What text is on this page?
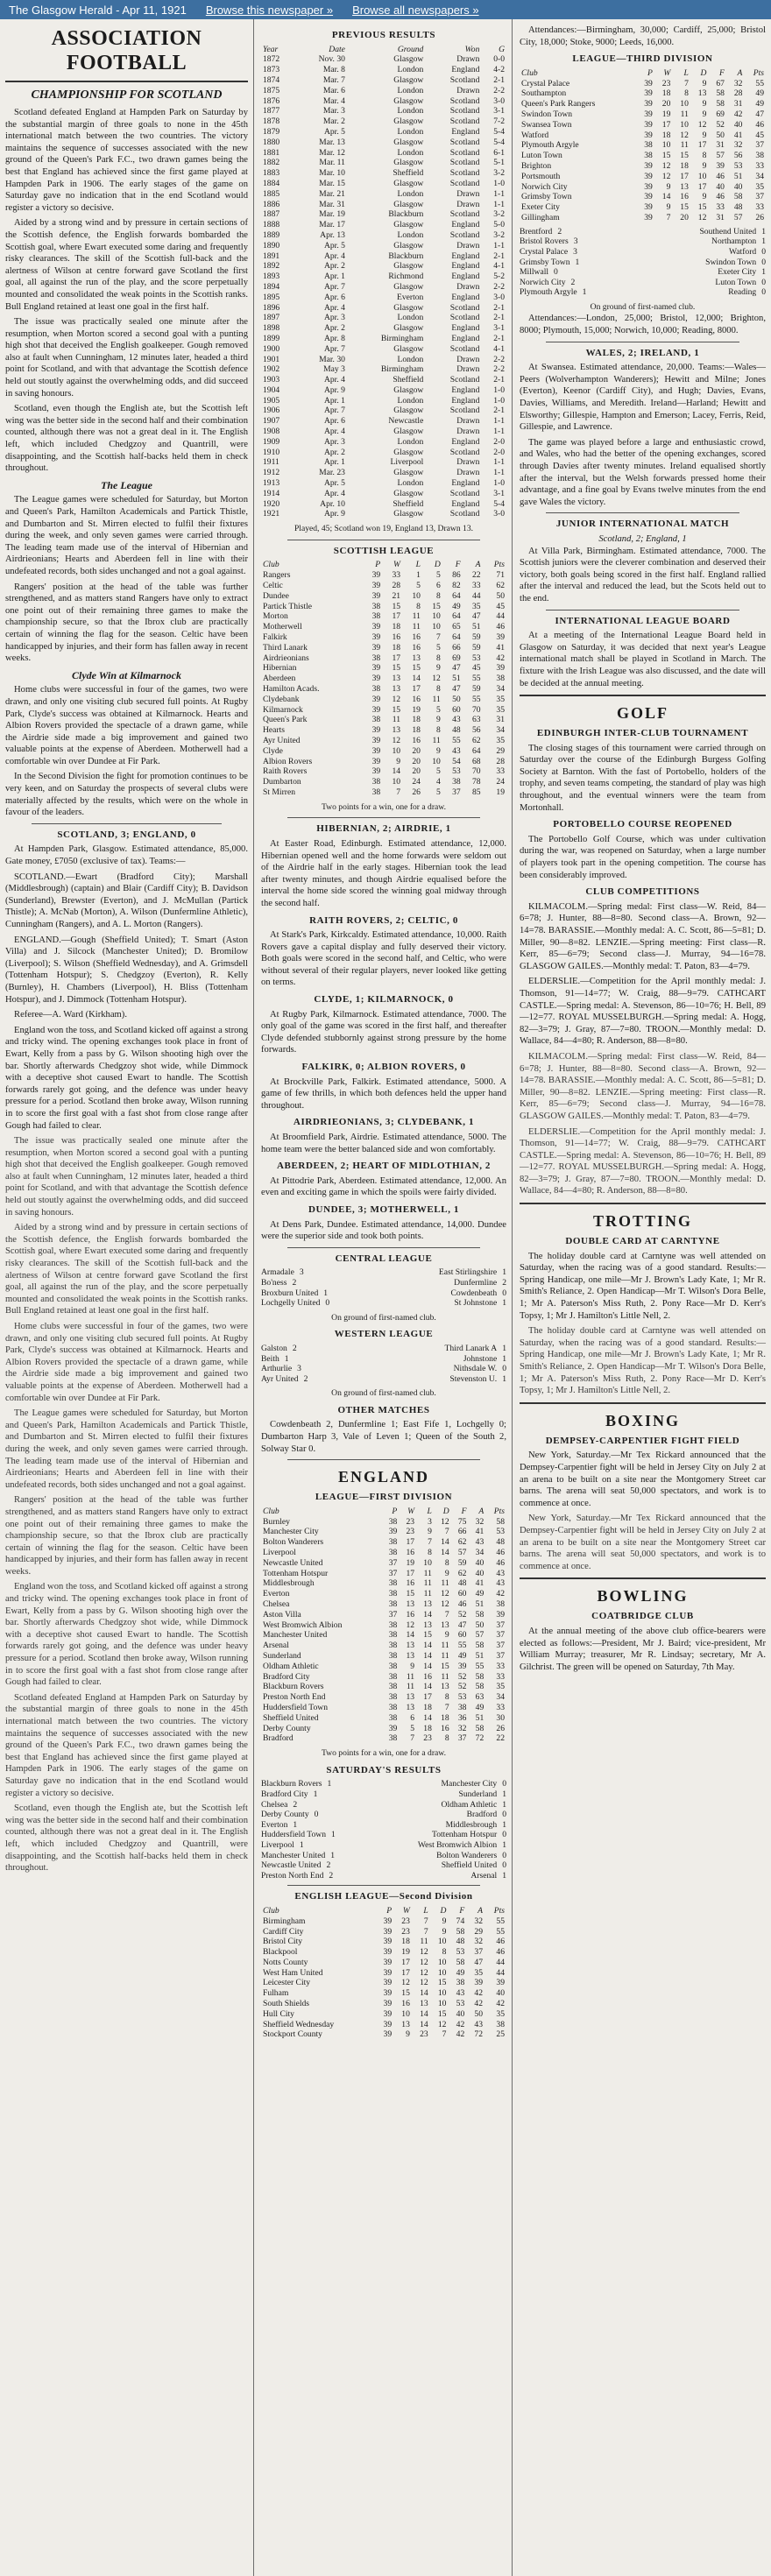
The Glasgow Herald - Apr 11, 1921 Browse this newspaper » Browse all newspapers »
ASSOCIATION FOOTBALL
CHAMPIONSHIP FOR SCOTLAND

Scotland defeated England at Hampden Park on Saturday by the substantial margin of three goals to none in the 45th international match between the two countries. The victory maintains the sequence of successes associated with the new ground of the Queen's Park F.C., two drawn games being the best that England has achieved since the first game played at Hampden Park in 1906. The early stages of the game on Saturday gave no indication that in the end Scotland would register a victory so decisive.

Aided by a strong wind and by pressure in certain sections of the Scottish defence, the English forwards bombarded the Scottish goal, where Ewart executed some daring and frequently risky clearances. The skill of the Scottish full-back and the alertness of Wilson at centre forward gave Scotland the first goal, all against the run of the play, and the score perpetually mounted and consolidated the weak points in the Scottish ranks. Bull England retained at least one goal in the first half.

The issue was practically sealed one minute after the resumption, when Morton scored a second goal with a punting high shot that deceived the English goalkeeper. Gough removed also at fault when Cunningham, 12 minutes later, headed a third point for Scotland, and with that advantage the Scottish defence held out stoutly against the overwhelming odds, and did succeed in saving honours.

Scotland, even though the English ate, but the Scottish left wing was the better side in the second half and their combination counted, although there was not a great deal in it. The English left, which included Chedgzoy and Quantrill, were disappointing, and the Scottish half-backs held them in check throughout.

The League

The League games were scheduled for Saturday, but Morton and Queen's Park, Hamilton Academicals and Partick Thistle, and Dumbarton and St. Mirren elected to fulfil their fixtures during the week, and only seven games were carried through. The leading team made use of the interval of Hibernian and Airdrieonians; Hearts and Aberdeen fell in line with their undefeated records, both sides unchanged and not a goal against.

Rangers' position at the head of the table was further strengthened, and as matters stand Rangers have only to extract one point out of their remaining three games to make the championship secure, so that the Ibrox club are practically certain of winning the flag for the season. Celtic have been handicapped by injuries, and their form has fallen away in recent weeks.

Clyde Win at Kilmarnock

Home clubs were successful in four of the games, two were drawn, and only one visiting club secured full points. At Rugby Park, Clyde's success was obtained at Kilmarnock. Hearts and Albion Rovers provided the spectacle of a drawn game, while the Airdrie side made a big improvement and gained two valuable points at the expense of Aberdeen. Motherwell had a comfortable win over Dundee at Fir Park.

In the Second Division the fight for promotion continues to be very keen, and on Saturday the prospects of several clubs were materially affected by the results, which were on the whole in favour of the leaders.

SCOTLAND, 3; ENGLAND, 0

At Hampden Park, Glasgow. Estimated attendance, 85,000. Gate money, £7050 (exclusive of tax). Teams:—

SCOTLAND.—Ewart (Bradford City); Marshall (Middlesbrough) (captain) and Blair (Cardiff City); B. Davidson (Sunderland), Brewster (Everton), and J. McMullan (Partick Thistle); A. McNab (Morton), A. Wilson (Dunfermline Athletic), Cunningham (Rangers), and A. L. Morton (Rangers).

ENGLAND.—Gough (Sheffield United); T. Smart (Aston Villa) and J. Silcock (Manchester United); D. Bromilow (Liverpool); S. Wilson (Sheffield Wednesday), and A. Grimsdell (Tottenham Hotspur); S. Chedgzoy (Everton), R. Kelly (Burnley), H. Chambers (Liverpool), H. Bliss (Tottenham Hotspur), and J. Dimmock (Tottenham Hotspur).

Referee—A. Ward (Kirkham).

England won the toss, and Scotland kicked off against a strong and tricky wind. The opening exchanges took place in front of Ewart, Kelly from a pass by G. Wilson shooting high over the bar. Shortly afterwards Chedgzoy shot wide, while Dimmock with a deceptive shot caused Ewart to handle. The Scottish forwards rarely got going, and the defence was under heavy pressure for a period. Scotland then broke away, Wilson running in to score the first goal with a fast shot from close range after Gough had failed to clear.

The issue was practically sealed one minute after the resumption, when Morton scored a second goal with a punting high shot that deceived the English goalkeeper. Gough removed also at fault when Cunningham, 12 minutes later, headed a third point for Scotland, and with that advantage the Scottish defence held out stoutly against the overwhelming odds, and did succeed in saving honours.

Aided by a strong wind and by pressure in certain sections of the Scottish defence, the English forwards bombarded the Scottish goal, where Ewart executed some daring and frequently risky clearances. The skill of the Scottish full-back and the alertness of Wilson at centre forward gave Scotland the first goal, all against the run of the play, and the score perpetually mounted and consolidated the weak points in the Scottish ranks. Bull England retained at least one goal in the first half.

Home clubs were successful in four of the games, two were drawn, and only one visiting club secured full points. At Rugby Park, Clyde's success was obtained at Kilmarnock. Hearts and Albion Rovers provided the spectacle of a drawn game, while the Airdrie side made a big improvement and gained two valuable points at the expense of Aberdeen. Motherwell had a comfortable win over Dundee at Fir Park.

The League games were scheduled for Saturday, but Morton and Queen's Park, Hamilton Academicals and Partick Thistle, and Dumbarton and St. Mirren elected to fulfil their fixtures during the week, and only seven games were carried through. The leading team made use of the interval of Hibernian and Airdrieonians; Hearts and Aberdeen fell in line with their undefeated records, both sides unchanged and not a goal against.

Rangers' position at the head of the table was further strengthened, and as matters stand Rangers have only to extract one point out of their remaining three games to make the championship secure, so that the Ibrox club are practically certain of winning the flag for the season. Celtic have been handicapped by injuries, and their form has fallen away in recent weeks.

England won the toss, and Scotland kicked off against a strong and tricky wind. The opening exchanges took place in front of Ewart, Kelly from a pass by G. Wilson shooting high over the bar. Shortly afterwards Chedgzoy shot wide, while Dimmock with a deceptive shot caused Ewart to handle. The Scottish forwards rarely got going, and the defence was under heavy pressure for a period. Scotland then broke away, Wilson running in to score the first goal with a fast shot from close range after Gough had failed to clear.

Scotland defeated England at Hampden Park on Saturday by the substantial margin of three goals to none in the 45th international match between the two countries. The victory maintains the sequence of successes associated with the new ground of the Queen's Park F.C., two drawn games being the best that England has achieved since the first game played at Hampden Park in 1906. The early stages of the game on Saturday gave no indication that in the end Scotland would register a victory so decisive.

Scotland, even though the English ate, but the Scottish left wing was the better side in the second half and their combination counted, although there was not a great deal in it. The English left, which included Chedgzoy and Quantrill, were disappointing, and the Scottish half-backs held them in check throughout.

PREVIOUS RESULTS
Year	Date	Ground	Won	G
1872	Nov. 30	Glasgow	Drawn	0-0
1873	Mar. 8	London	England	4-2
1874	Mar. 7	Glasgow	Scotland	2-1
1875	Mar. 6	London	Drawn	2-2
1876	Mar. 4	Glasgow	Scotland	3-0
1877	Mar. 3	London	Scotland	3-1
1878	Mar. 2	Glasgow	Scotland	7-2
1879	Apr. 5	London	England	5-4
1880	Mar. 13	Glasgow	Scotland	5-4
1881	Mar. 12	London	Scotland	6-1
1882	Mar. 11	Glasgow	Scotland	5-1
1883	Mar. 10	Sheffield	Scotland	3-2
1884	Mar. 15	Glasgow	Scotland	1-0
1885	Mar. 21	London	Drawn	1-1
1886	Mar. 31	Glasgow	Drawn	1-1
1887	Mar. 19	Blackburn	Scotland	3-2
1888	Mar. 17	Glasgow	England	5-0
1889	Apr. 13	London	Scotland	3-2
1890	Apr. 5	Glasgow	Drawn	1-1
1891	Apr. 4	Blackburn	England	2-1
1892	Apr. 2	Glasgow	England	4-1
1893	Apr. 1	Richmond	England	5-2
1894	Apr. 7	Glasgow	Drawn	2-2
1895	Apr. 6	Everton	England	3-0
1896	Apr. 4	Glasgow	Scotland	2-1
1897	Apr. 3	London	Scotland	2-1
1898	Apr. 2	Glasgow	England	3-1
1899	Apr. 8	Birmingham	England	2-1
1900	Apr. 7	Glasgow	Scotland	4-1
1901	Mar. 30	London	Drawn	2-2
1902	May 3	Birmingham	Drawn	2-2
1903	Apr. 4	Sheffield	Scotland	2-1
1904	Apr. 9	Glasgow	England	1-0
1905	Apr. 1	London	England	1-0
1906	Apr. 7	Glasgow	Scotland	2-1
1907	Apr. 6	Newcastle	Drawn	1-1
1908	Apr. 4	Glasgow	Drawn	1-1
1909	Apr. 3	London	England	2-0
1910	Apr. 2	Glasgow	Scotland	2-0
1911	Apr. 1	Liverpool	Drawn	1-1
1912	Mar. 23	Glasgow	Drawn	1-1
1913	Apr. 5	London	England	1-0
1914	Apr. 4	Glasgow	Scotland	3-1
1920	Apr. 10	Sheffield	England	5-4
1921	Apr. 9	Glasgow	Scotland	3-0
Played, 45; Scotland won 19, England 13, Drawn 13.
SCOTTISH LEAGUE
Club	P	W	L	D	F	A	Pts
Rangers	39	33	1	5	86	22	71
Celtic	39	28	5	6	82	33	62
Dundee	39	21	10	8	64	44	50
Partick Thistle	38	15	8	15	49	35	45
Morton	38	17	11	10	64	47	44
Motherwell	39	18	11	10	65	51	46
Falkirk	39	16	16	7	64	59	39
Third Lanark	39	18	16	5	66	59	41
Airdrieonians	38	17	13	8	69	53	42
Hibernian	39	15	15	9	47	45	39
Aberdeen	39	13	14	12	51	55	38
Hamilton Acads.	38	13	17	8	47	59	34
Clydebank	39	12	16	11	50	55	35
Kilmarnock	39	15	19	5	60	70	35
Queen's Park	38	11	18	9	43	63	31
Hearts	39	13	18	8	48	56	34
Ayr United	39	12	16	11	55	62	35
Clyde	39	10	20	9	43	64	29
Albion Rovers	39	9	20	10	54	68	28
Raith Rovers	39	14	20	5	53	70	33
Dumbarton	38	10	24	4	38	78	24
St Mirren	38	7	26	5	37	85	19
Two points for a win, one for a draw.
HIBERNIAN, 2; AIRDRIE, 1

At Easter Road, Edinburgh. Estimated attendance, 12,000. Hibernian opened well and the home forwards were seldom out of the Airdrie half in the early stages. Hibernian took the lead after twenty minutes, and though Airdrie equalised before the interval the home side scored the winning goal midway through the second half.

RAITH ROVERS, 2; CELTIC, 0

At Stark's Park, Kirkcaldy. Estimated attendance, 10,000. Raith Rovers gave a capital display and fully deserved their victory. Both goals were scored in the second half, and Celtic, who were without several of their regular players, never looked like getting on terms.

CLYDE, 1; KILMARNOCK, 0

At Rugby Park, Kilmarnock. Estimated attendance, 7000. The only goal of the game was scored in the first half, and thereafter Clyde defended stubbornly against strong pressure by the home forwards.

FALKIRK, 0; ALBION ROVERS, 0

At Brockville Park, Falkirk. Estimated attendance, 5000. A game of few thrills, in which both defences held the upper hand throughout.

AIRDRIEONIANS, 3; CLYDEBANK, 1

At Broomfield Park, Airdrie. Estimated attendance, 5000. The home team were the better balanced side and won comfortably.

ABERDEEN, 2; HEART OF MIDLOTHIAN, 2

At Pittodrie Park, Aberdeen. Estimated attendance, 12,000. An even and exciting game in which the spoils were fairly divided.

DUNDEE, 3; MOTHERWELL, 1

At Dens Park, Dundee. Estimated attendance, 14,000. Dundee were the superior side and took both points.

CENTRAL LEAGUE
Armadale 3	East Stirlingshire 1
Bo'ness 2	Dunfermline 2
Broxburn United 1	Cowdenbeath 0
Lochgelly United 0	St Johnstone 1
On ground of first-named club.
WESTERN LEAGUE
Galston 2	Third Lanark A 1
Beith 1	Johnstone 1
Arthurlie 3	Nithsdale W. 0
Ayr United 2	Stevenston U. 1
On ground of first-named club.
OTHER MATCHES

Cowdenbeath 2, Dunfermline 1; East Fife 1, Lochgelly 0; Dumbarton Harp 3, Vale of Leven 1; Queen of the South 2, Solway Star 0.

ENGLAND
LEAGUE—FIRST DIVISION
Club	P	W	L	D	F	A	Pts
Burnley	38	23	3	12	75	32	58
Manchester City	39	23	9	7	66	41	53
Bolton Wanderers	38	17	7	14	62	43	48
Liverpool	38	16	8	14	57	34	46
Newcastle United	37	19	10	8	59	40	46
Tottenham Hotspur	37	17	11	9	62	40	43
Middlesbrough	38	16	11	11	48	41	43
Everton	38	15	11	12	60	49	42
Chelsea	38	13	13	12	46	51	38
Aston Villa	37	16	14	7	52	58	39
West Bromwich Albion	38	12	13	13	47	50	37
Manchester United	38	14	15	9	60	57	37
Arsenal	38	13	14	11	55	58	37
Sunderland	38	13	14	11	49	51	37
Oldham Athletic	38	9	14	15	39	55	33
Bradford City	38	11	16	11	52	58	33
Blackburn Rovers	38	11	14	13	52	58	35
Preston North End	38	13	17	8	53	63	34
Huddersfield Town	38	13	18	7	38	49	33
Sheffield United	38	6	14	18	36	51	30
Derby County	39	5	18	16	32	58	26
Bradford	38	7	23	8	37	72	22
Two points for a win, one for a draw.
SATURDAY'S RESULTS
Blackburn Rovers 1	Manchester City 0
Bradford City 1	Sunderland 1
Chelsea 2	Oldham Athletic 1
Derby County 0	Bradford 0
Everton 1	Middlesbrough 1
Huddersfield Town 1	Tottenham Hotspur 0
Liverpool 1	West Bromwich Albion 1
Manchester United 1	Bolton Wanderers 0
Newcastle United 2	Sheffield United 0
Preston North End 2	Arsenal 1
ENGLISH LEAGUE—Second Division
Club	P	W	L	D	F	A	Pts
Birmingham	39	23	7	9	74	32	55
Cardiff City	39	23	7	9	58	29	55
Bristol City	39	18	11	10	48	32	46
Blackpool	39	19	12	8	53	37	46
Notts County	39	17	12	10	58	47	44
West Ham United	39	17	12	10	49	35	44
Leicester City	39	12	12	15	38	39	39
Fulham	39	15	14	10	43	42	40
South Shields	39	16	13	10	53	42	42
Hull City	39	10	14	15	40	50	35
Sheffield Wednesday	39	13	14	12	42	43	38
Stockport County	39	9	23	7	42	72	25

Attendances:—Birmingham, 30,000; Cardiff, 25,000; Bristol City, 18,000; Stoke, 9000; Leeds, 16,000.

LEAGUE—THIRD DIVISION
Club	P	W	L	D	F	A	Pts
Crystal Palace	39	23	7	9	67	32	55
Southampton	39	18	8	13	58	28	49
Queen's Park Rangers	39	20	10	9	58	31	49
Swindon Town	39	19	11	9	69	42	47
Swansea Town	39	17	10	12	52	40	46
Watford	39	18	12	9	50	41	45
Plymouth Argyle	38	10	11	17	31	32	37
Luton Town	38	15	15	8	57	56	38
Brighton	39	12	18	9	39	53	33
Portsmouth	39	12	17	10	46	51	34
Norwich City	39	9	13	17	40	40	35
Grimsby Town	39	14	16	9	46	58	37
Exeter City	39	9	15	15	33	48	33
Gillingham	39	7	20	12	31	57	26
Brentford 2	Southend United 1
Bristol Rovers 3	Northampton 1
Crystal Palace 3	Watford 0
Grimsby Town 1	Swindon Town 0
Millwall 0	Exeter City 1
Norwich City 2	Luton Town 0
Plymouth Argyle 1	Reading 0
On ground of first-named club.

Attendances:—London, 25,000; Bristol, 12,000; Brighton, 8000; Plymouth, 15,000; Norwich, 10,000; Reading, 8000.

WALES, 2; IRELAND, 1

At Swansea. Estimated attendance, 20,000. Teams:—Wales—Peers (Wolverhampton Wanderers); Hewitt and Milne; Jones (Everton), Keenor (Cardiff City), and Hugh; Davies, Evans, Davies, Williams, and Meredith. Ireland—Harland; Hewitt and Elsworthy; Gillespie, Hampton and Emerson; Lacey, Ferris, Reid, Gillespie, and Lawrence.

The game was played before a large and enthusiastic crowd, and Wales, who had the better of the opening exchanges, scored through Davies after twenty minutes. Ireland equalised shortly after the interval, but the Welsh forwards pressed home their advantage, and a fine goal by Evans twelve minutes from the end gave Wales the victory.

JUNIOR INTERNATIONAL MATCH
Scotland, 2; England, 1

At Villa Park, Birmingham. Estimated attendance, 7000. The Scottish juniors were the cleverer combination and deserved their victory, both goals being scored in the first half. England rallied after the interval and reduced the lead, but the Scots held out to the end.

INTERNATIONAL LEAGUE BOARD

At a meeting of the International League Board held in Glasgow on Saturday, it was decided that next year's League international match shall be played in Scotland in March. The fixture with the Irish League was also discussed, and the date will be decided at the annual meeting.

GOLF
EDINBURGH INTER-CLUB TOURNAMENT

The closing stages of this tournament were carried through on Saturday over the course of the Edinburgh Burgess Golfing Society at Barnton. With the fast of Portobello, holders of the trophy, and seven teams competing, the standard of play was high throughout, and the eventual winners were the team from Mortonhall.

PORTOBELLO COURSE REOPENED

The Portobello Golf Course, which was under cultivation during the war, was reopened on Saturday, when a large number of players took part in the opening competition. The course has been considerably improved.

CLUB COMPETITIONS

KILMACOLM.—Spring medal: First class—W. Reid, 84—6=78; J. Hunter, 88—8=80. Second class—A. Brown, 92—14=78. BARASSIE.—Monthly medal: A. C. Scott, 86—5=81; D. Miller, 90—8=82. LENZIE.—Spring meeting: First class—R. Kerr, 85—6=79; Second class—J. Murray, 94—16=78. GLASGOW GAILES.—Monthly medal: T. Paton, 83—4=79.

ELDERSLIE.—Competition for the April monthly medal: J. Thomson, 91—14=77; W. Craig, 88—9=79. CATHCART CASTLE.—Spring medal: A. Stevenson, 86—10=76; H. Bell, 89—12=77. ROYAL MUSSELBURGH.—Spring medal: A. Hogg, 82—3=79; J. Gray, 87—7=80. TROON.—Monthly medal: D. Wallace, 84—4=80; R. Anderson, 88—8=80.

KILMACOLM.—Spring medal: First class—W. Reid, 84—6=78; J. Hunter, 88—8=80. Second class—A. Brown, 92—14=78. BARASSIE.—Monthly medal: A. C. Scott, 86—5=81; D. Miller, 90—8=82. LENZIE.—Spring meeting: First class—R. Kerr, 85—6=79; Second class—J. Murray, 94—16=78. GLASGOW GAILES.—Monthly medal: T. Paton, 83—4=79.

ELDERSLIE.—Competition for the April monthly medal: J. Thomson, 91—14=77; W. Craig, 88—9=79. CATHCART CASTLE.—Spring medal: A. Stevenson, 86—10=76; H. Bell, 89—12=77. ROYAL MUSSELBURGH.—Spring medal: A. Hogg, 82—3=79; J. Gray, 87—7=80. TROON.—Monthly medal: D. Wallace, 84—4=80; R. Anderson, 88—8=80.

TROTTING
DOUBLE CARD AT CARNTYNE

The holiday double card at Carntyne was well attended on Saturday, when the racing was of a good standard. Results:—Spring Handicap, one mile—Mr J. Brown's Lady Kate, 1; Mr R. Smith's Reliance, 2. Open Handicap—Mr T. Wilson's Dora Belle, 1; Mr A. Paterson's Miss Ruth, 2. Pony Race—Mr D. Kerr's Topsy, 1; Mr J. Hamilton's Little Nell, 2.

The holiday double card at Carntyne was well attended on Saturday, when the racing was of a good standard. Results:—Spring Handicap, one mile—Mr J. Brown's Lady Kate, 1; Mr R. Smith's Reliance, 2. Open Handicap—Mr T. Wilson's Dora Belle, 1; Mr A. Paterson's Miss Ruth, 2. Pony Race—Mr D. Kerr's Topsy, 1; Mr J. Hamilton's Little Nell, 2.

BOXING
DEMPSEY-CARPENTIER FIGHT FIELD

New York, Saturday.—Mr Tex Rickard announced that the Dempsey-Carpentier fight will be held in Jersey City on July 2 at an arena to be built on a site near the Montgomery Street car barns. The arena will seat 50,000 spectators, and work is to commence at once.

New York, Saturday.—Mr Tex Rickard announced that the Dempsey-Carpentier fight will be held in Jersey City on July 2 at an arena to be built on a site near the Montgomery Street car barns. The arena will seat 50,000 spectators, and work is to commence at once.

BOWLING
COATBRIDGE CLUB

At the annual meeting of the above club office-bearers were elected as follows:—President, Mr J. Baird; vice-president, Mr William Murray; treasurer, Mr R. Lindsay; secretary, Mr A. Gilchrist. The green will be opened on Saturday, 7th May.
